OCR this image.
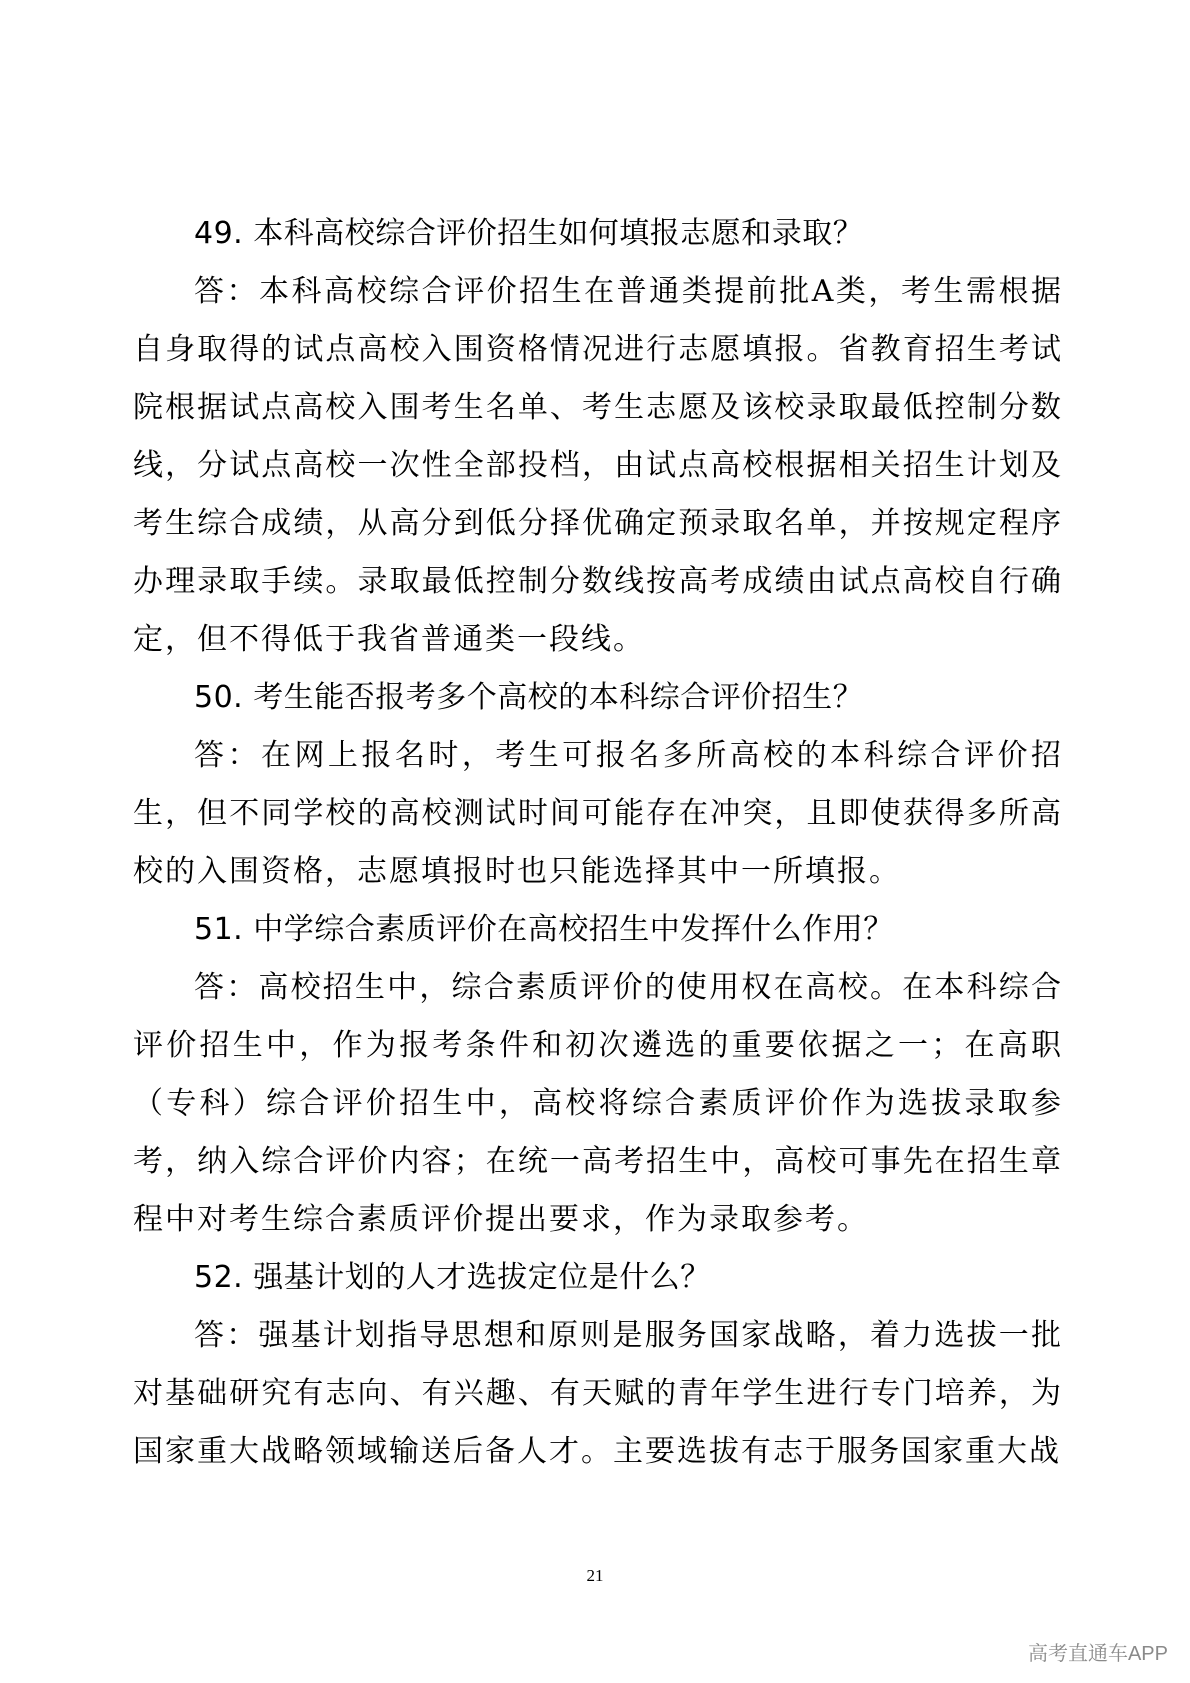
49. 本科高校综合评价招生如何填报志愿和录取？

答：本科高校综合评价招生在普通类提前批A类，考生需根据自身取得的试点高校入围资格情况进行志愿填报。省教育招生考试院根据试点高校入围考生名单、考生志愿及该校录取最低控制分数线，分试点高校一次性全部投档，由试点高校根据相关招生计划及考生综合成绩，从高分到低分择优确定预录取名单，并按规定程序办理录取手续。录取最低控制分数线按高考成绩由试点高校自行确定，但不得低于我省普通类一段线。

50. 考生能否报考多个高校的本科综合评价招生？

答：在网上报名时，考生可报名多所高校的本科综合评价招生，但不同学校的高校测试时间可能存在冲突，且即使获得多所高校的入围资格，志愿填报时也只能选择其中一所填报。

51. 中学综合素质评价在高校招生中发挥什么作用？

答：高校招生中，综合素质评价的使用权在高校。在本科综合评价招生中，作为报考条件和初次遴选的重要依据之一；在高职（专科）综合评价招生中，高校将综合素质评价作为选拔录取参考，纳入综合评价内容；在统一高考招生中，高校可事先在招生章程中对考生综合素质评价提出要求，作为录取参考。

52. 强基计划的人才选拔定位是什么？

答：强基计划指导思想和原则是服务国家战略，着力选拔一批对基础研究有志向、有兴趣、有天赋的青年学生进行专门培养，为国家重大战略领域输送后备人才。主要选拔有志于服务国家重大战

21
高考直通车APP
